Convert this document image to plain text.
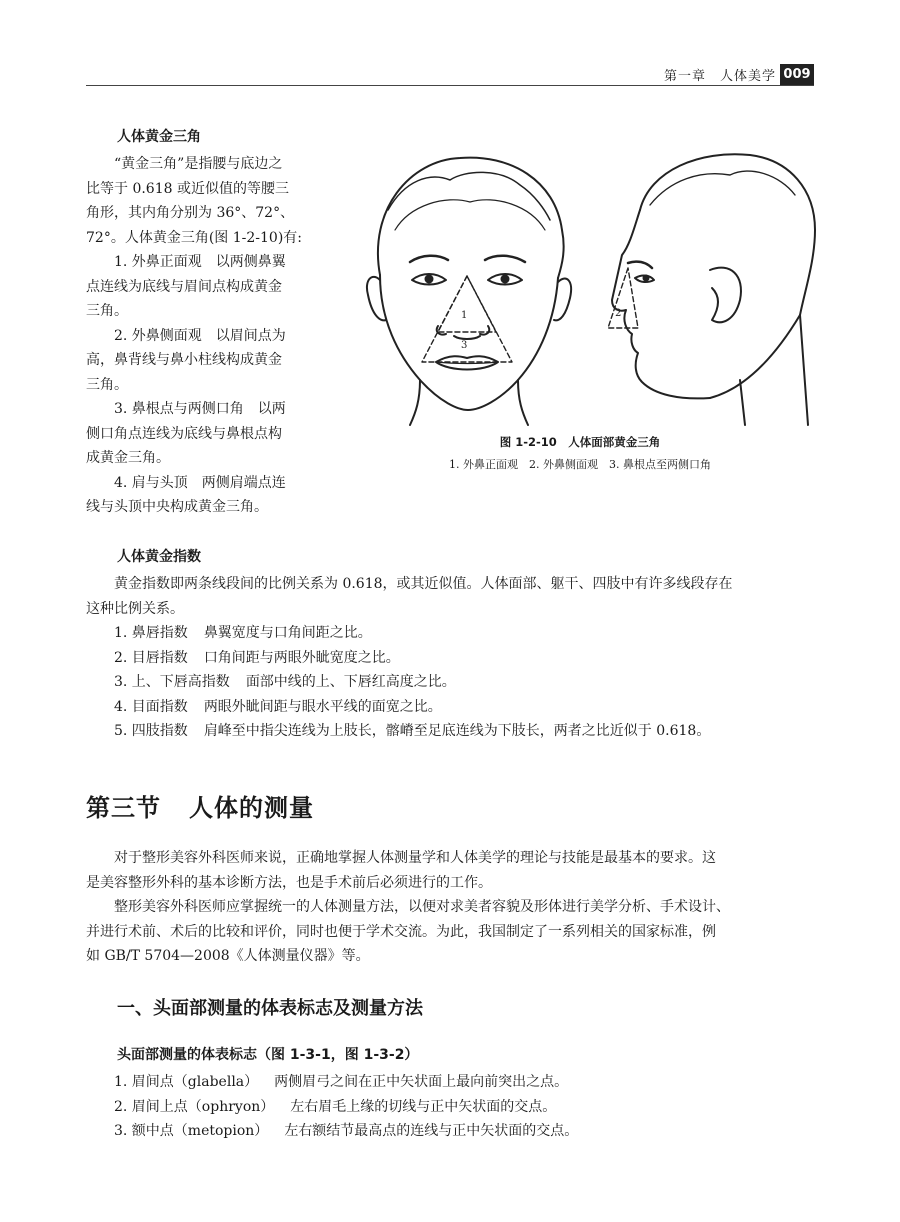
第一章　 人体美学 009
人体黄金三角

“黄金三角”是指腰与底边之

比等于 0.618 或近似值的等腰三

角形，其内角分别为 36°、72°、

72°。人体黄金三角(图 1-2-10)有:

1. 外鼻正面观　以两侧鼻翼

点连线为底线与眉间点构成黄金

三角。

2. 外鼻侧面观　以眉间点为

高，鼻背线与鼻小柱线构成黄金

三角。

3. 鼻根点与两侧口角　以两

侧口角点连线为底线与鼻根点构

成黄金三角。

4. 肩与头顶　两侧肩端点连

线与头顶中央构成黄金三角。

1
3
2
图 1-2-10　 人体面部黄金三角
1. 外鼻正面观　2. 外鼻侧面观　3. 鼻根点至两侧口角
人体黄金指数

黄金指数即两条线段间的比例关系为 0.618，或其近似值。人体面部、躯干、四肢中有许多线段存在

这种比例关系。

1. 鼻唇指数 鼻翼宽度与口角间距之比。

2. 目唇指数 口角间距与两眼外眦宽度之比。

3. 上、下唇高指数 面部中线的上、下唇红高度之比。

4. 目面指数 两眼外眦间距与眼水平线的面宽之比。

5. 四肢指数 肩峰至中指尖连线为上肢长，髂嵴至足底连线为下肢长，两者之比近似于 0.618。

第三节 人体的测量

对于整形美容外科医师来说，正确地掌握人体测量学和人体美学的理论与技能是最基本的要求。这

是美容整形外科的基本诊断方法，也是手术前后必须进行的工作。

整形美容外科医师应掌握统一的人体测量方法，以便对求美者容貌及形体进行美学分析、手术设计、

并进行术前、术后的比较和评价，同时也便于学术交流。为此，我国制定了一系列相关的国家标准，例

如 GB/T 5704—2008《人体测量仪器》等。

一、头面部测量的体表标志及测量方法
头面部测量的体表标志（图 1-3-1，图 1-3-2）

1. 眉间点（glabella） 两侧眉弓之间在正中矢状面上最向前突出之点。

2. 眉间上点（ophryon） 左右眉毛上缘的切线与正中矢状面的交点。

3. 额中点（metopion） 左右额结节最高点的连线与正中矢状面的交点。
